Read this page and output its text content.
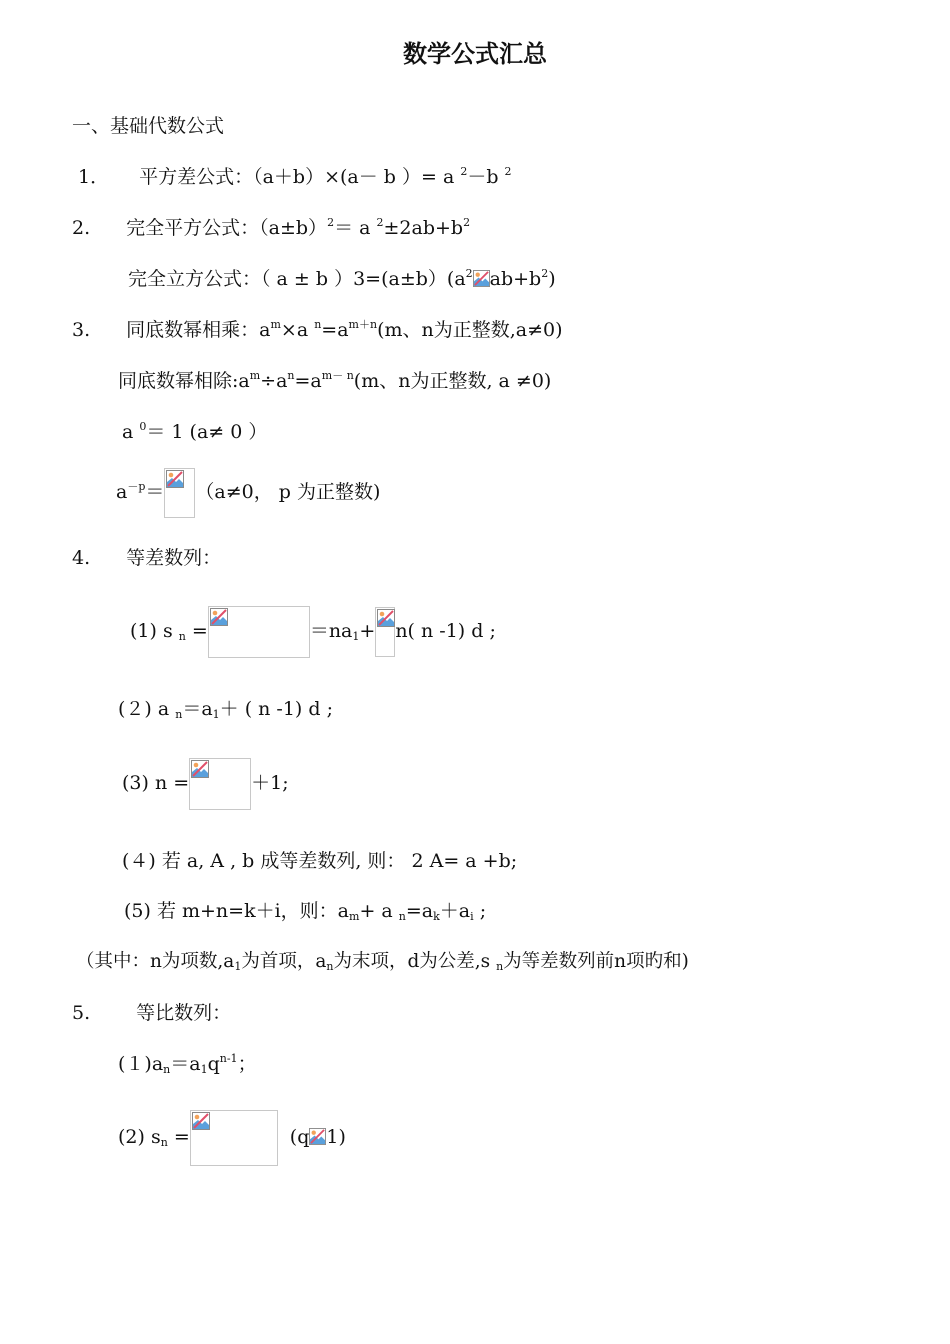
数学公式汇总
一、基础代数公式
1． 平方差公式：（a＋b）×(a－ b ）= a $^2$－b $^2$
2. 完全平方公式：$(a\pm b)^2= a$ $^2\pm 2ab+b^2$
完全立方公式：（ a ± b ）$3=(a\pm b)(a^2$ $ab+b^2$)
3. 同底数幂相乘：$a^m\times a$ $^n=a^{m+n}(m$、n为正整数,a≠0)
同底数幂相除$:a^m\div a^n=a^{m- n}(m$、n为正整数, a ≠0)
a $^0$＝ 1 (a≠ 0 ）
$a^{-p}= (a\ne 0$， p 为正整数)
4. 等差数列：
(1) s $_n$ =	$=na_1+ n$( n -1) d ;
(２) a $_n=a_1+$ ( n -1) d ;
(3) n =	＋1;
(４) 若 a, A , b 成等差数列, 则： 2 A= a +b;
(5) 若 m+n=k＋i，则：$a_m+ a$ $_n=a_k+a_i$ ;
（其中：n为项数$,a_1$为首项，$a_n$为末项，d为公差,s $_n$为等差数列前n项旳和)
5. 等比数列：
$(1)a_n=a_1q^{n-1}$；
(2) $s_n$ =	(q 1)
